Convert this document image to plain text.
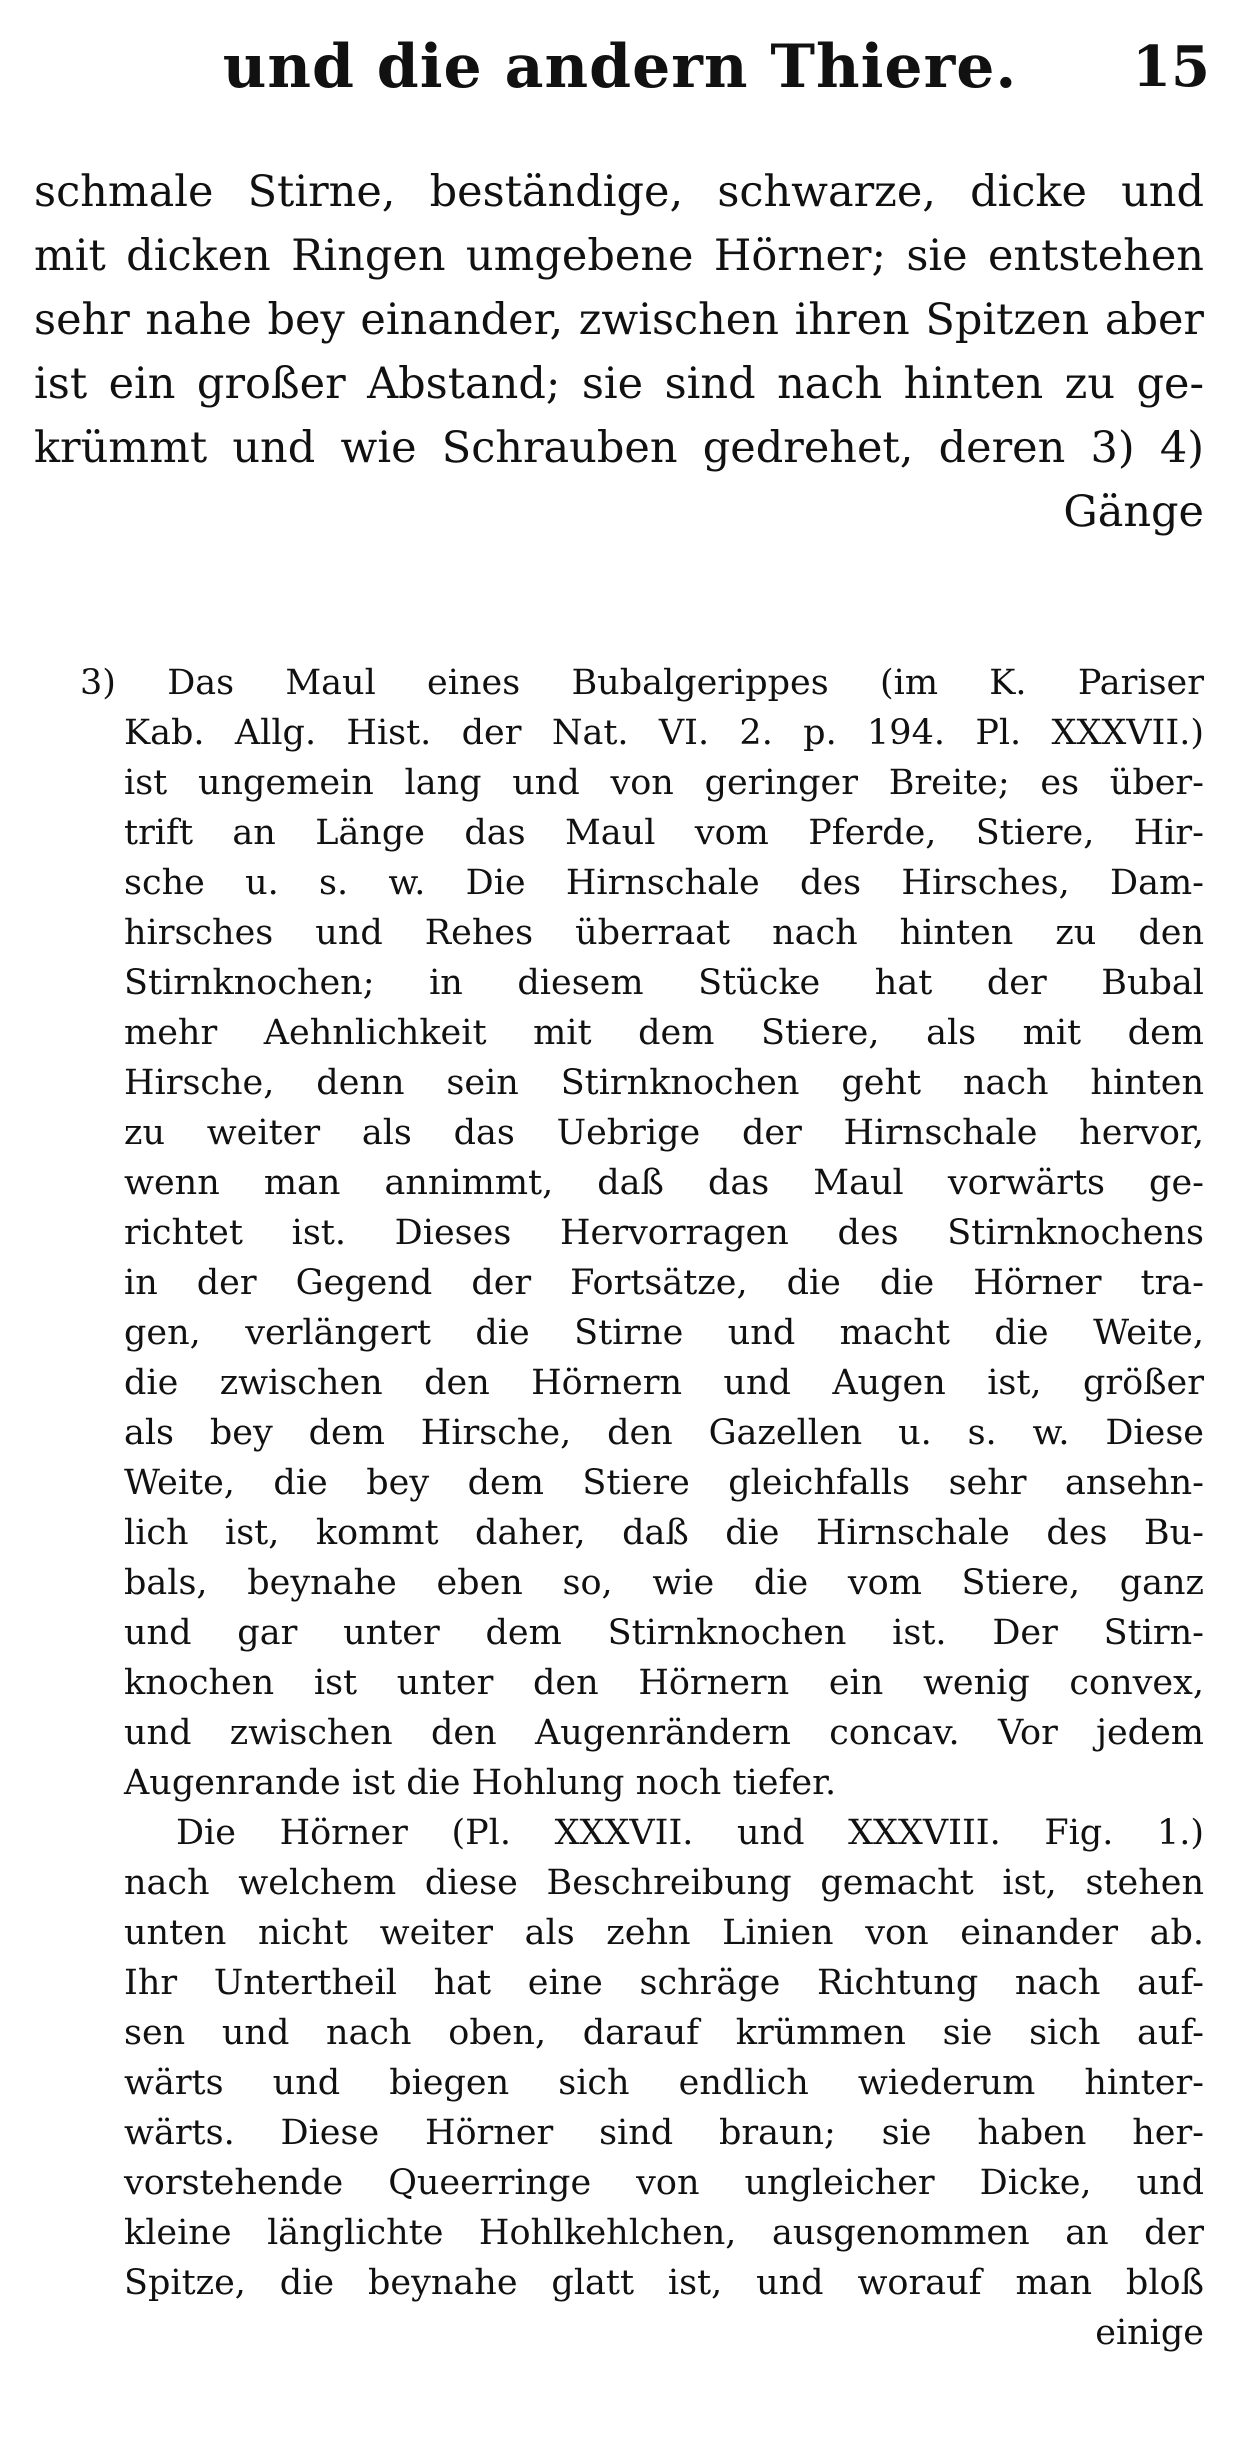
und die andern Thiere.	15
schmale Stirne, beständige, schwarze, dicke und
mit dicken Ringen umgebene Hörner; sie entstehen
sehr nahe bey einander, zwischen ihren Spitzen aber
ist ein großer Abstand; sie sind nach hinten zu ge-
krümmt und wie Schrauben gedrehet, deren 3) 4)
Gänge
3) Das Maul eines Bubalgerippes (im K. Pariser
Kab. Allg. Hist. der Nat. VI. 2. p. 194. Pl. XXXVII.)
ist ungemein lang und von geringer Breite; es über-
trift an Länge das Maul vom Pferde, Stiere, Hir-
sche u. s. w. Die Hirnschale des Hirsches, Dam-
hirsches und Rehes überraat nach hinten zu den
Stirnknochen; in diesem Stücke hat der Bubal
mehr Aehnlichkeit mit dem Stiere, als mit dem
Hirsche, denn sein Stirnknochen geht nach hinten
zu weiter als das Uebrige der Hirnschale hervor,
wenn man annimmt, daß das Maul vorwärts ge-
richtet ist. Dieses Hervorragen des Stirnknochens
in der Gegend der Fortsätze, die die Hörner tra-
gen, verlängert die Stirne und macht die Weite,
die zwischen den Hörnern und Augen ist, größer
als bey dem Hirsche, den Gazellen u. s. w. Diese
Weite, die bey dem Stiere gleichfalls sehr ansehn-
lich ist, kommt daher, daß die Hirnschale des Bu-
bals, beynahe eben so, wie die vom Stiere, ganz
und gar unter dem Stirnknochen ist. Der Stirn-
knochen ist unter den Hörnern ein wenig convex,
und zwischen den Augenrändern concav. Vor jedem
Augenrande ist die Hohlung noch tiefer.
Die Hörner (Pl. XXXVII. und XXXVIII. Fig. 1.)
nach welchem diese Beschreibung gemacht ist, stehen
unten nicht weiter als zehn Linien von einander ab.
Ihr Untertheil hat eine schräge Richtung nach auf-
sen und nach oben, darauf krümmen sie sich auf-
wärts und biegen sich endlich wiederum hinter-
wärts. Diese Hörner sind braun; sie haben her-
vorstehende Queerringe von ungleicher Dicke, und
kleine länglichte Hohlkehlchen, ausgenommen an der
Spitze, die beynahe glatt ist, und worauf man bloß
einige
